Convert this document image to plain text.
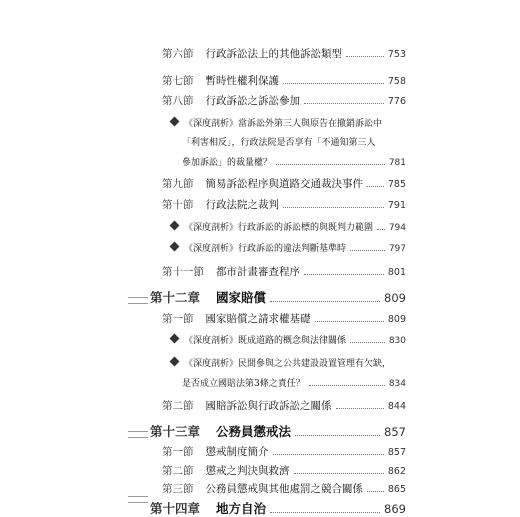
第六節 行政訴訟法上的其他訴訟類型	753
第七節 暫時性權利保護	758
第八節 行政訴訟之訴訟參加	776
《深度剖析》當訴訟外第三人與原告在撤銷訴訟中
「利害相反」，行政法院是否享有「不通知第三人
參加訴訟」的裁量權？	781
第九節 簡易訴訟程序與道路交通裁決事件	785
第十節 行政法院之裁判	791
《深度剖析》行政訴訟的訴訟標的與既判力範圍 794
《深度剖析》行政訴訟的違法判斷基準時	797
第十一節 都市計畫審查程序	801
第十二章 國家賠償	809
第一節 國家賠償之請求權基礎	809
《深度剖析》既成道路的概念與法律關係	830
《深度剖析》民間參與之公共建設設置管理有欠缺，
是否成立國賠法第3條之責任？	834
第二節 國賠訴訟與行政訴訟之關係	844
第十三章 公務員懲戒法	857
第一節 懲戒制度簡介	857
第二節 懲戒之判決與救濟	862
第三節 公務員懲戒與其他處罰之競合關係	865
第十四章 地方自治	869
